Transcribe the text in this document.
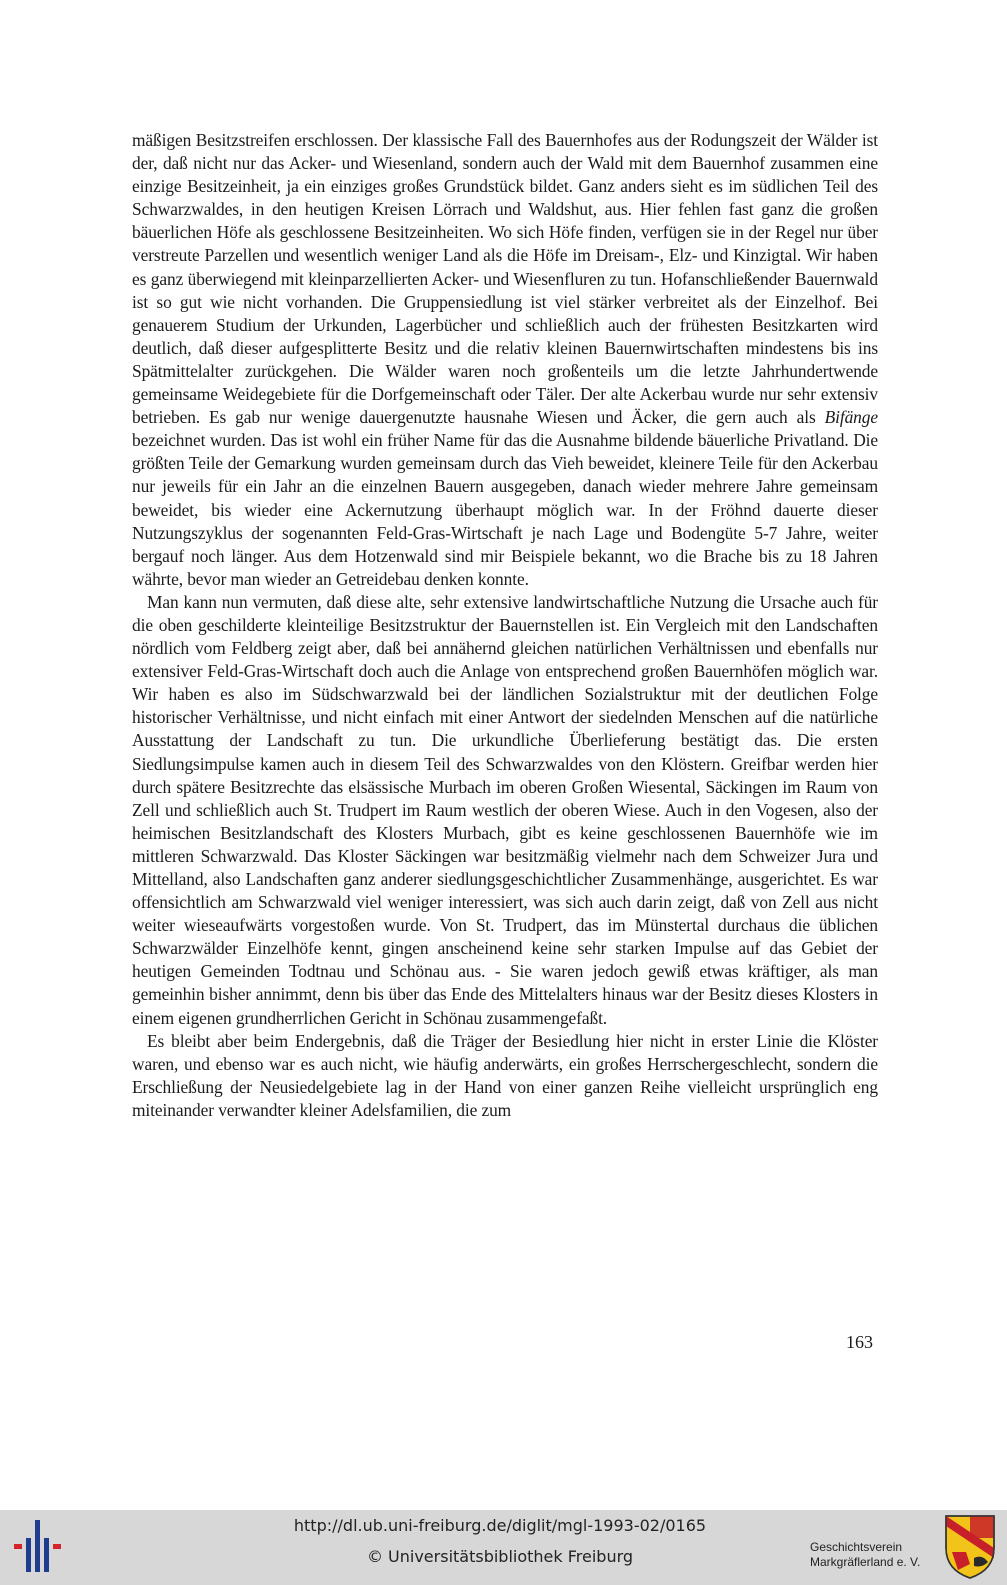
mäßigen Besitzstreifen erschlossen. Der klassische Fall des Bauernhofes aus der Rodungszeit der Wälder ist der, daß nicht nur das Acker- und Wiesenland, sondern auch der Wald mit dem Bauernhof zusammen eine einzige Besitzeinheit, ja ein einziges großes Grundstück bildet. Ganz anders sieht es im südlichen Teil des Schwarzwaldes, in den heutigen Kreisen Lörrach und Waldshut, aus. Hier fehlen fast ganz die großen bäuerlichen Höfe als geschlossene Besitzeinheiten. Wo sich Höfe finden, verfügen sie in der Regel nur über verstreute Parzellen und wesentlich weniger Land als die Höfe im Dreisam-, Elz- und Kinzigtal. Wir haben es ganz überwiegend mit kleinparzellierten Acker- und Wiesenfluren zu tun. Hofanschließender Bauernwald ist so gut wie nicht vorhanden. Die Gruppensiedlung ist viel stärker verbreitet als der Einzelhof. Bei genauerem Studium der Urkunden, Lagerbücher und schließlich auch der frühesten Besitzkarten wird deutlich, daß dieser aufgesplitterte Besitz und die relativ kleinen Bauernwirtschaften mindestens bis ins Spätmittelalter zurückgehen. Die Wälder waren noch großenteils um die letzte Jahrhundertwende gemeinsame Weidegebiete für die Dorfgemeinschaft oder Täler. Der alte Ackerbau wurde nur sehr extensiv betrieben. Es gab nur wenige dauergenutzte hausnahe Wiesen und Äcker, die gern auch als Bifänge bezeichnet wurden. Das ist wohl ein früher Name für das die Ausnahme bildende bäuerliche Privatland. Die größten Teile der Gemarkung wurden gemeinsam durch das Vieh beweidet, kleinere Teile für den Ackerbau nur jeweils für ein Jahr an die einzelnen Bauern ausgegeben, danach wieder mehrere Jahre gemeinsam beweidet, bis wieder eine Ackernutzung überhaupt möglich war. In der Fröhnd dauerte dieser Nutzungszyklus der sogenannten Feld-Gras-Wirtschaft je nach Lage und Bodengüte 5-7 Jahre, weiter bergauf noch länger. Aus dem Hotzenwald sind mir Beispiele bekannt, wo die Brache bis zu 18 Jahren währte, bevor man wieder an Getreidebau denken konnte.

Man kann nun vermuten, daß diese alte, sehr extensive landwirtschaftliche Nutzung die Ursache auch für die oben geschilderte kleinteilige Besitzstruktur der Bauernstellen ist. Ein Vergleich mit den Landschaften nördlich vom Feldberg zeigt aber, daß bei annähernd gleichen natürlichen Verhältnissen und ebenfalls nur extensiver Feld-Gras-Wirtschaft doch auch die Anlage von entsprechend großen Bauernhöfen möglich war. Wir haben es also im Südschwarzwald bei der ländlichen Sozialstruktur mit der deutlichen Folge historischer Verhältnisse, und nicht einfach mit einer Antwort der siedelnden Menschen auf die natürliche Ausstattung der Landschaft zu tun. Die urkundliche Überlieferung bestätigt das. Die ersten Siedlungsimpulse kamen auch in diesem Teil des Schwarzwaldes von den Klöstern. Greifbar werden hier durch spätere Besitzrechte das elsässische Murbach im oberen Großen Wiesental, Säckingen im Raum von Zell und schließlich auch St. Trudpert im Raum westlich der oberen Wiese. Auch in den Vogesen, also der heimischen Besitzlandschaft des Klosters Murbach, gibt es keine geschlossenen Bauernhöfe wie im mittleren Schwarzwald. Das Kloster Säckingen war besitzmäßig vielmehr nach dem Schweizer Jura und Mittelland, also Landschaften ganz anderer siedlungsgeschichtlicher Zusammenhänge, ausgerichtet. Es war offensichtlich am Schwarzwald viel weniger interessiert, was sich auch darin zeigt, daß von Zell aus nicht weiter wieseaufwärts vorgestoßen wurde. Von St. Trudpert, das im Münstertal durchaus die üblichen Schwarzwälder Einzelhöfe kennt, gingen anscheinend keine sehr starken Impulse auf das Gebiet der heutigen Gemeinden Todtnau und Schönau aus. - Sie waren jedoch gewiß etwas kräftiger, als man gemeinhin bisher annimmt, denn bis über das Ende des Mittelalters hinaus war der Besitz dieses Klosters in einem eigenen grundherrlichen Gericht in Schönau zusammengefaßt.

Es bleibt aber beim Endergebnis, daß die Träger der Besiedlung hier nicht in erster Linie die Klöster waren, und ebenso war es auch nicht, wie häufig anderwärts, ein großes Herrschergeschlecht, sondern die Erschließung der Neusiedelgebiete lag in der Hand von einer ganzen Reihe vielleicht ursprünglich eng miteinander verwandter kleiner Adelsfamilien, die zum

163
http://dl.ub.uni-freiburg.de/diglit/mgl-1993-02/0165
© Universitätsbibliothek Freiburg	Geschichtsverein
Markgräflerland e. V.
